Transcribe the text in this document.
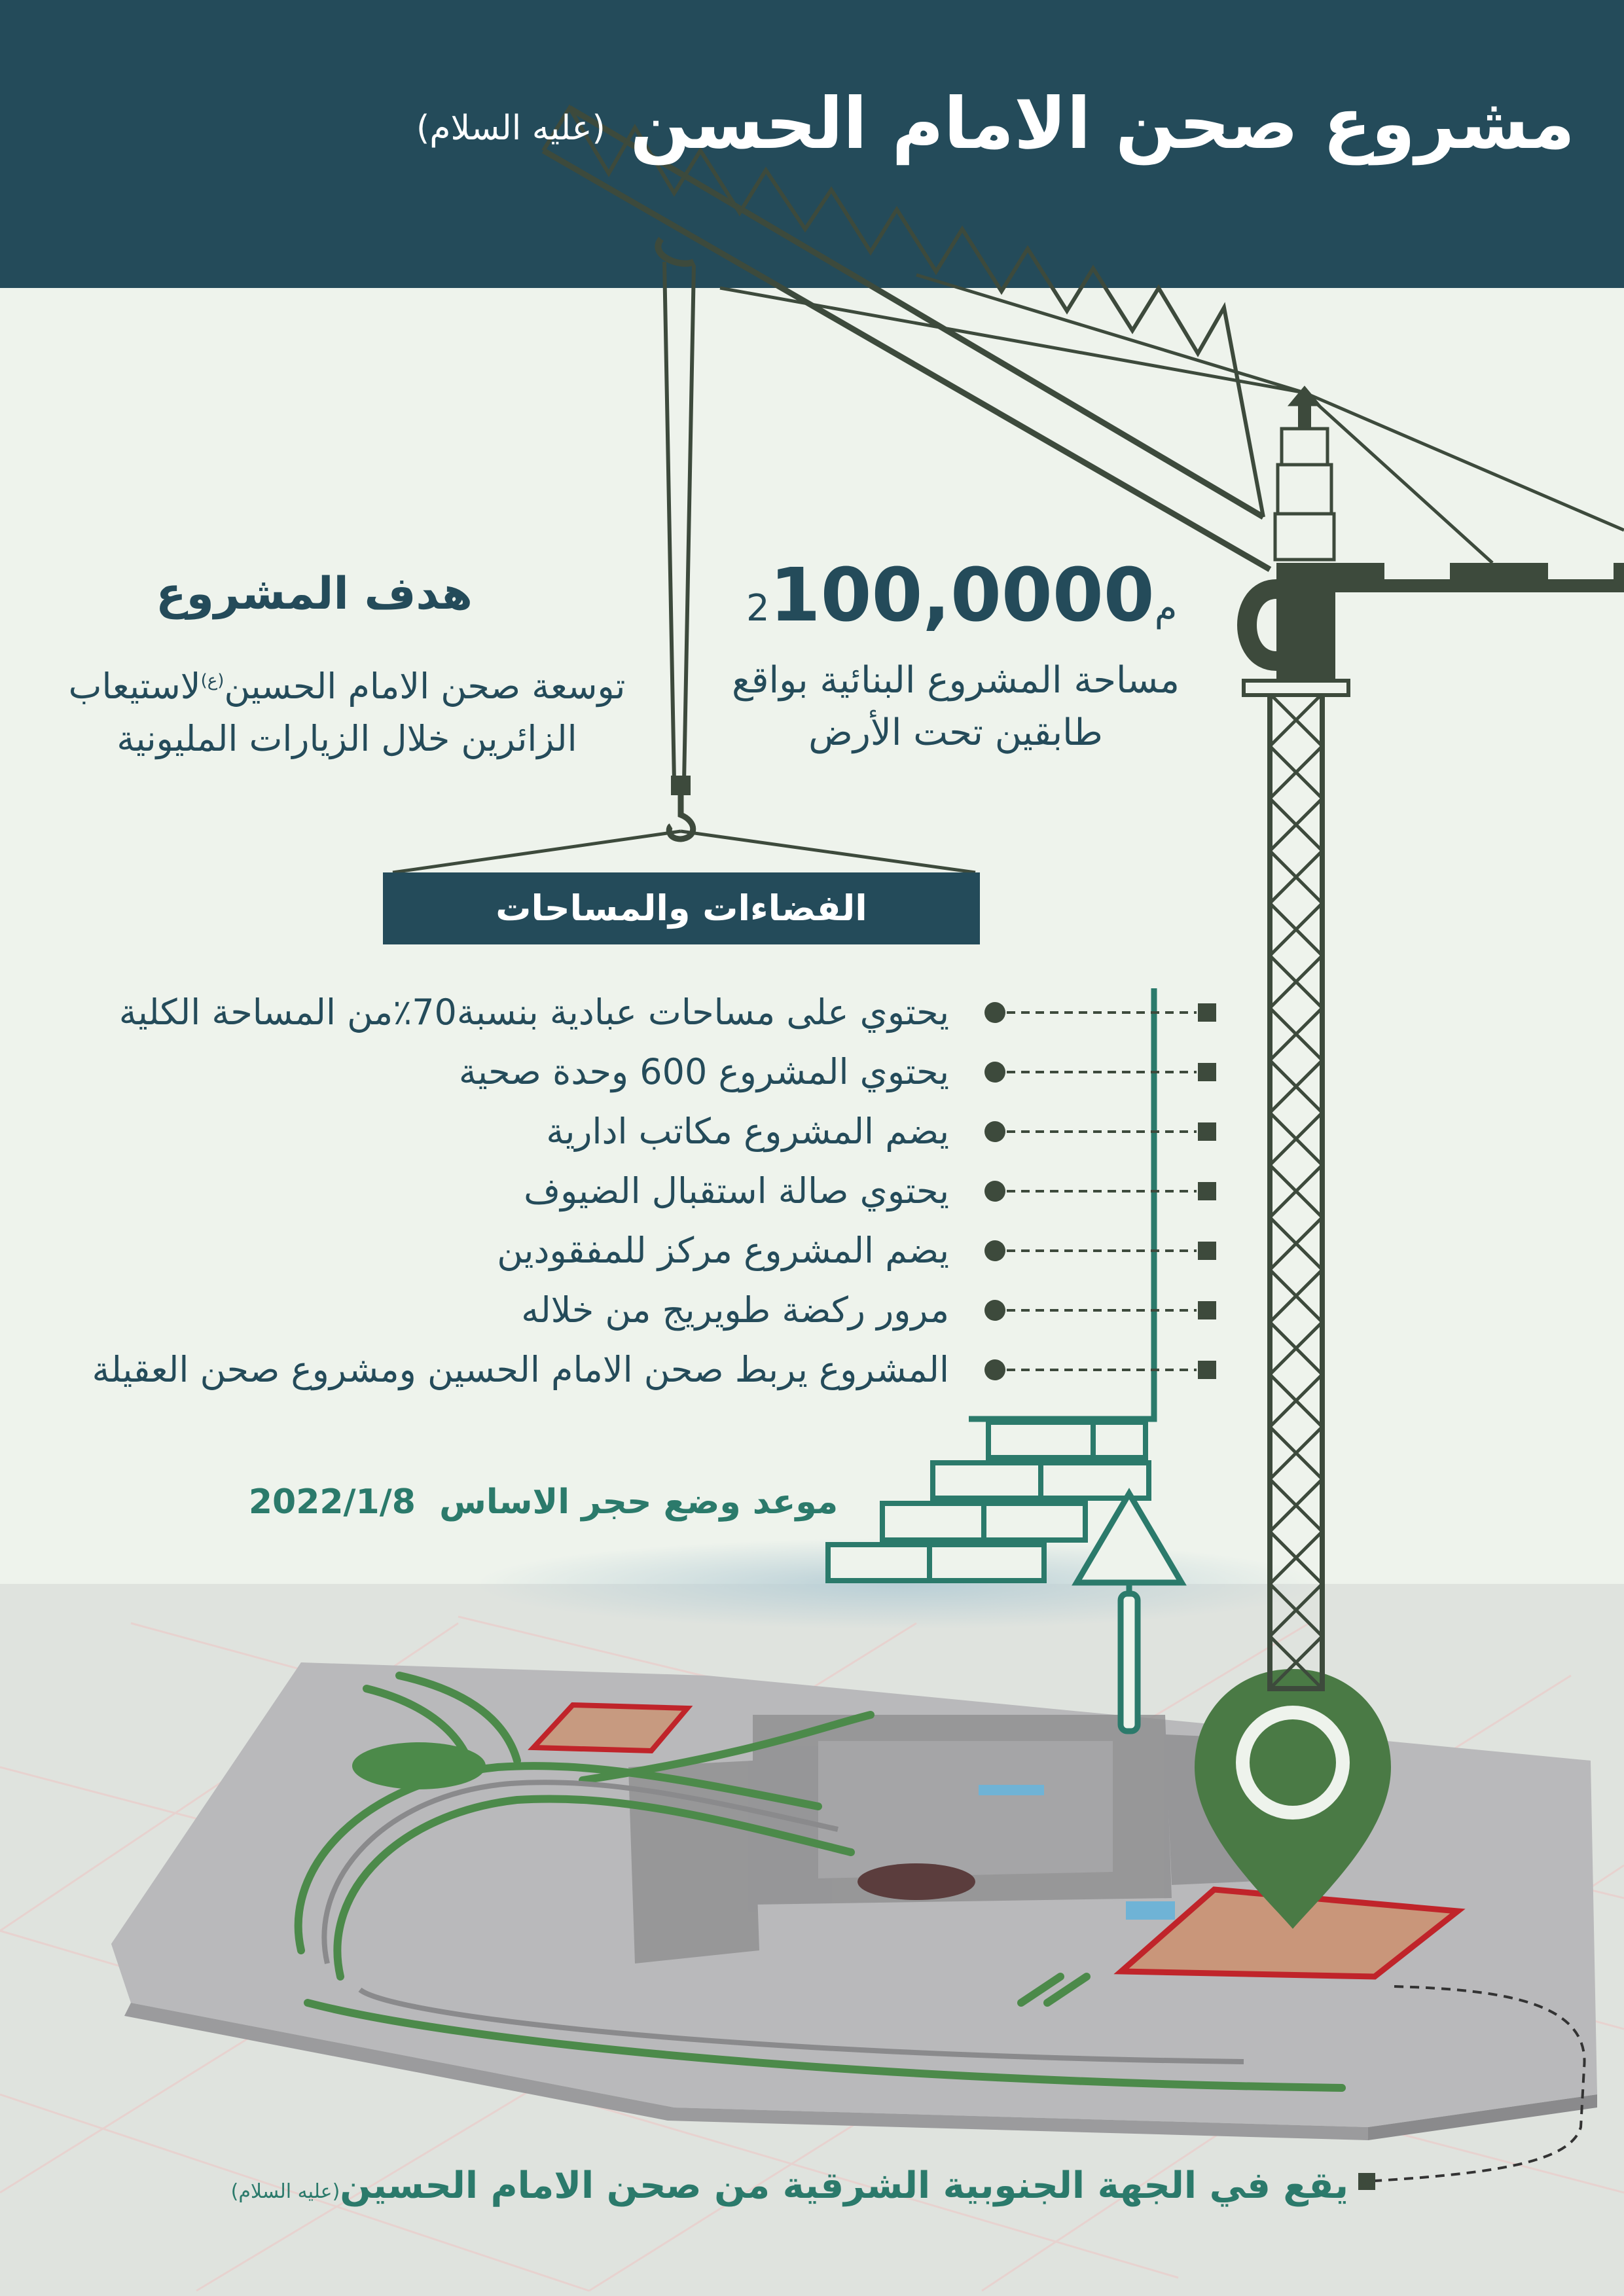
مشروع صحن الامام الحسن (عليه السلام)
م2100,0000
مساحة المشروع البنائية بواقع
طابقين تحت الأرض
هدف المشروع
توسعة صحن الامام الحسين$^{(ع)}$لاستيعاب
الزائرين خلال الزيارات المليونية
الفضاءات والمساحات
يحتوي على مساحات عبادية بنسبة70٪من المساحة الكلية
يحتوي المشروع 600 وحدة صحية
يضم المشروع مكاتب ادارية
يحتوي صالة استقبال الضيوف
يضم المشروع مركز للمفقودين
مرور ركضة طويريج من خلاله
المشروع يربط صحن الامام الحسين ومشروع صحن العقيلة
موعد وضع حجر الاساس  2022/1/8
يقع في الجهة الجنوبية الشرقية من صحن الامام الحسين(عليه السلام)
